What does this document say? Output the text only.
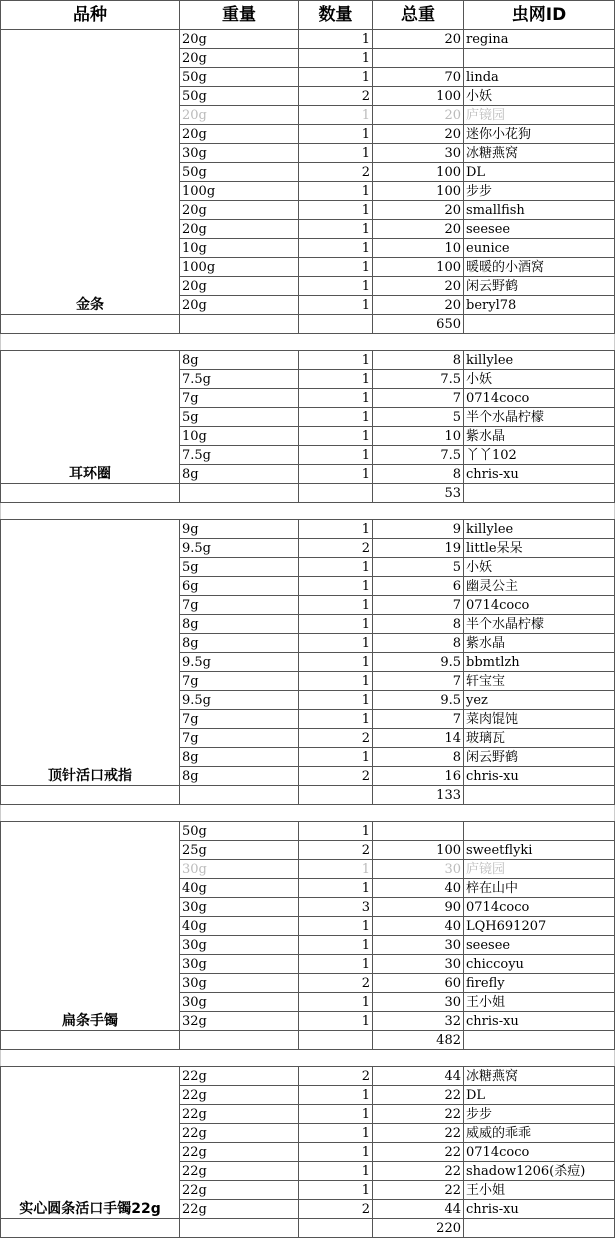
品种	重量	数量	总重	虫网ID
金条	20g	1	20	regina
	20g	1		
	50g	1	70	linda
	50g	2	100	小妖
	20g	1	20	庐镜园
	20g	1	20	迷你小花狗
	30g	1	30	冰糖燕窝
	50g	2	100	DL
	100g	1	100	步步
	20g	1	20	smallfish
	20g	1	20	seesee
	10g	1	10	eunice
	100g	1	100	暖暖的小酒窝
	20g	1	20	闲云野鹤
	20g	1	20	beryl78
			650	

耳环圈	8g	1	8	killylee
	7.5g	1	7.5	小妖
	7g	1	7	0714coco
	5g	1	5	半个水晶柠檬
	10g	1	10	紫水晶
	7.5g	1	7.5	丫丫102
	8g	1	8	chris-xu
			53	

顶针活口戒指	9g	1	9	killylee
	9.5g	2	19	little呆呆
	5g	1	5	小妖
	6g	1	6	幽灵公主
	7g	1	7	0714coco
	8g	1	8	半个水晶柠檬
	8g	1	8	紫水晶
	9.5g	1	9.5	bbmtlzh
	7g	1	7	轩宝宝
	9.5g	1	9.5	yez
	7g	1	7	菜肉馄饨
	7g	2	14	玻璃瓦
	8g	1	8	闲云野鹤
	8g	2	16	chris-xu
			133	

扁条手镯	50g	1		
	25g	2	100	sweetflyki
	30g	1	30	庐镜园
	40g	1	40	梓在山中
	30g	3	90	0714coco
	40g	1	40	LQH691207
	30g	1	30	seesee
	30g	1	30	chiccoyu
	30g	2	60	firefly
	30g	1	30	王小姐
	32g	1	32	chris-xu
			482	

实心圆条活口手镯22g	22g	2	44	冰糖燕窝
	22g	1	22	DL
	22g	1	22	步步
	22g	1	22	威威的乖乖
	22g	1	22	0714coco
	22g	1	22	shadow1206(杀痘)
	22g	1	22	王小姐
	22g	2	44	chris-xu
			220	
